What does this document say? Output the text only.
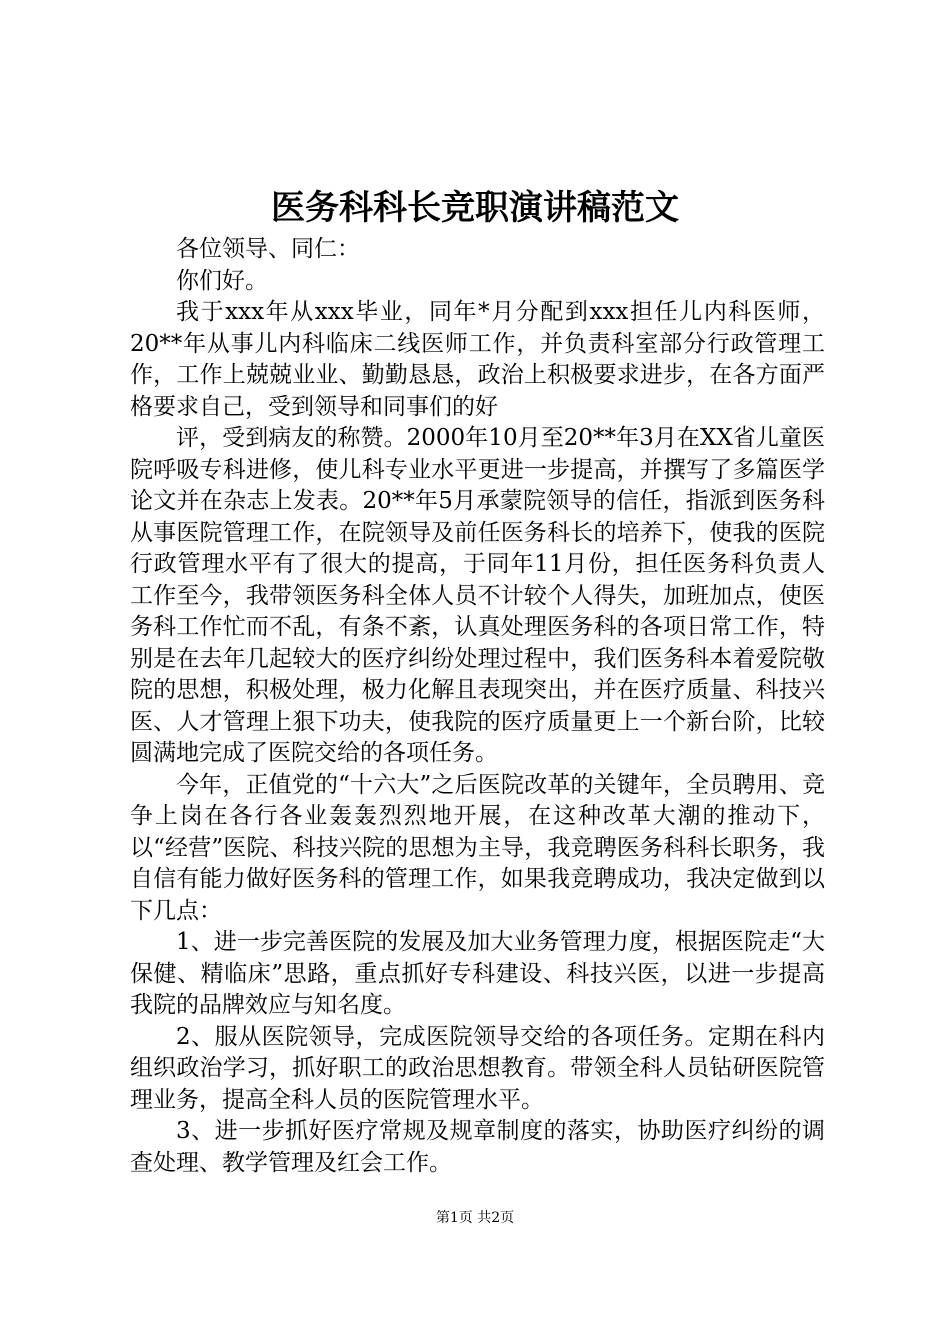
医务科科长竞职演讲稿范文

各位领导、同仁：

你们好。

我于xxx年从xxx毕业，同年*月分配到xxx担任儿内科医师，20**年从事儿内科临床二线医师工作，并负责科室部分行政管理工作，工作上兢兢业业、勤勤恳恳，政治上积极要求进步，在各方面严格要求自己，受到领导和同事们的好

评，受到病友的称赞。2000年10月至20**年3月在XX省儿童医院呼吸专科进修，使儿科专业水平更进一步提高，并撰写了多篇医学论文并在杂志上发表。20**年5月承蒙院领导的信任，指派到医务科从事医院管理工作，在院领导及前任医务科长的培养下，使我的医院行政管理水平有了很大的提高，于同年11月份，担任医务科负责人工作至今，我带领医务科全体人员不计较个人得失，加班加点，使医务科工作忙而不乱，有条不紊，认真处理医务科的各项日常工作，特别是在去年几起较大的医疗纠纷处理过程中，我们医务科本着爱院敬院的思想，积极处理，极力化解且表现突出，并在医疗质量、科技兴医、人才管理上狠下功夫，使我院的医疗质量更上一个新台阶，比较圆满地完成了医院交给的各项任务。

今年，正值党的“十六大”之后医院改革的关键年，全员聘用、竞争上岗在各行各业轰轰烈烈地开展，在这种改革大潮的推动下，以“经营”医院、科技兴院的思想为主导，我竞聘医务科科长职务，我自信有能力做好医务科的管理工作，如果我竞聘成功，我决定做到以下几点：

1、进一步完善医院的发展及加大业务管理力度，根据医院走“大保健、精临床”思路，重点抓好专科建设、科技兴医，以进一步提高我院的品牌效应与知名度。

2、服从医院领导，完成医院领导交给的各项任务。定期在科内组织政治学习，抓好职工的政治思想教育。带领全科人员钻研医院管理业务，提高全科人员的医院管理水平。

3、进一步抓好医疗常规及规章制度的落实，协助医疗纠纷的调查处理、教学管理及红会工作。

第1页 共2页
